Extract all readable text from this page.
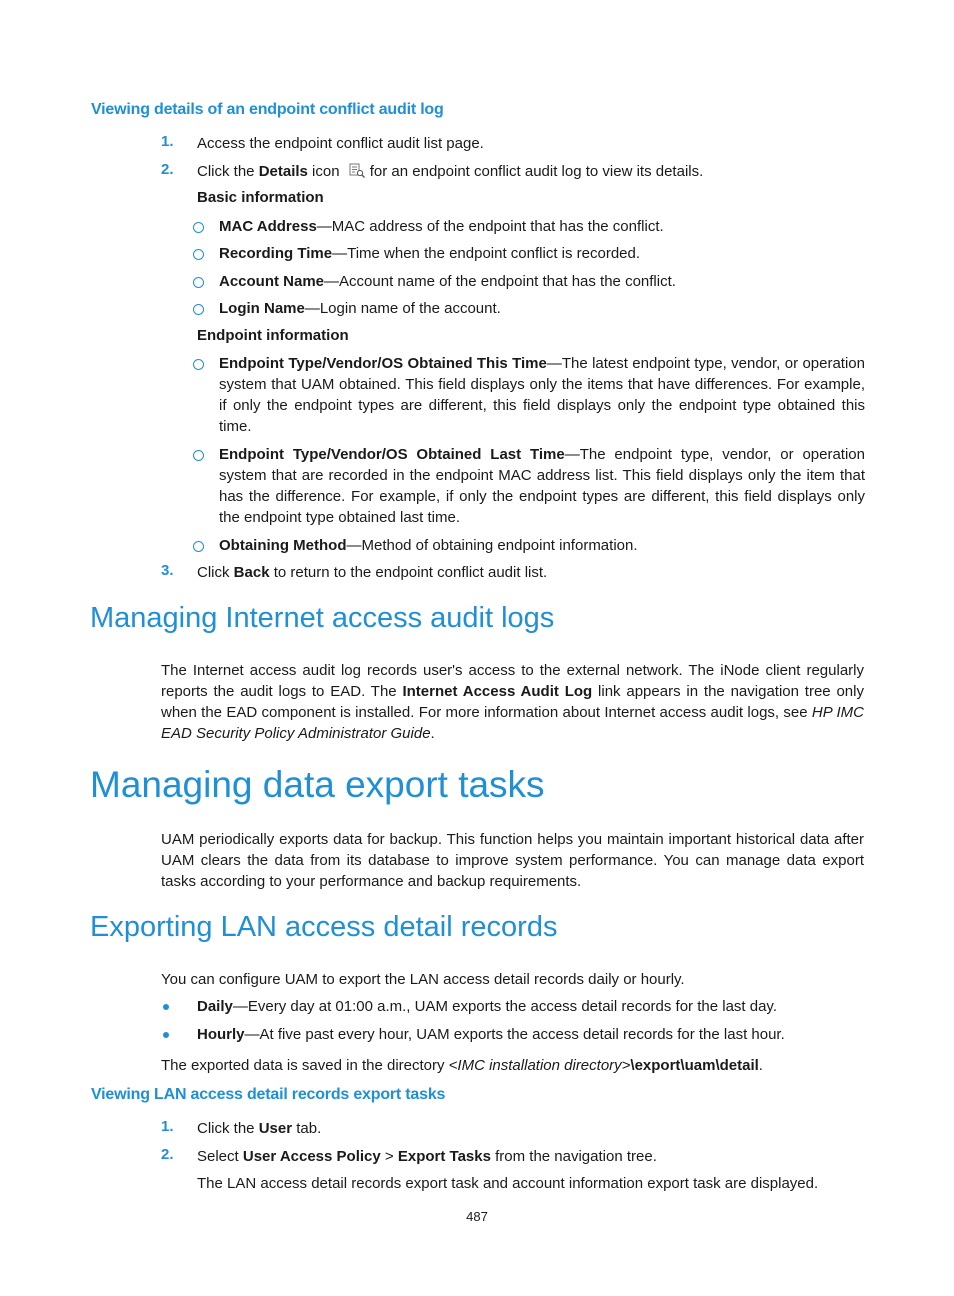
Viewing details of an endpoint conflict audit log
1.	Access the endpoint conflict audit list page.
2.	Click the Details icon for an endpoint conflict audit log to view its details.
Basic information
MAC Address—MAC address of the endpoint that has the conflict.
Recording Time—Time when the endpoint conflict is recorded.
Account Name—Account name of the endpoint that has the conflict.
Login Name—Login name of the account.
Endpoint information
Endpoint Type/Vendor/OS Obtained This Time—The latest endpoint type, vendor, or operation system that UAM obtained. This field displays only the items that have differences. For example, if only the endpoint types are different, this field displays only the endpoint type obtained this time.
Endpoint Type/Vendor/OS Obtained Last Time—The endpoint type, vendor, or operation system that are recorded in the endpoint MAC address list. This field displays only the item that has the difference. For example, if only the endpoint types are different, this field displays only the endpoint type obtained last time.
Obtaining Method—Method of obtaining endpoint information.
3.	Click Back to return to the endpoint conflict audit list.
Managing Internet access audit logs
The Internet access audit log records user's access to the external network. The iNode client regularly reports the audit logs to EAD. The Internet Access Audit Log link appears in the navigation tree only when the EAD component is installed. For more information about Internet access audit logs, see HP IMC EAD Security Policy Administrator Guide.
Managing data export tasks
UAM periodically exports data for backup. This function helps you maintain important historical data after UAM clears the data from its database to improve system performance. You can manage data export tasks according to your performance and backup requirements.
Exporting LAN access detail records
You can configure UAM to export the LAN access detail records daily or hourly.
Daily—Every day at 01:00 a.m., UAM exports the access detail records for the last day.
Hourly—At five past every hour, UAM exports the access detail records for the last hour.
The exported data is saved in the directory <IMC installation directory>\export\uam\detail.
Viewing LAN access detail records export tasks
1.	Click the User tab.
2.	Select User Access Policy > Export Tasks from the navigation tree.
The LAN access detail records export task and account information export task are displayed.
487
